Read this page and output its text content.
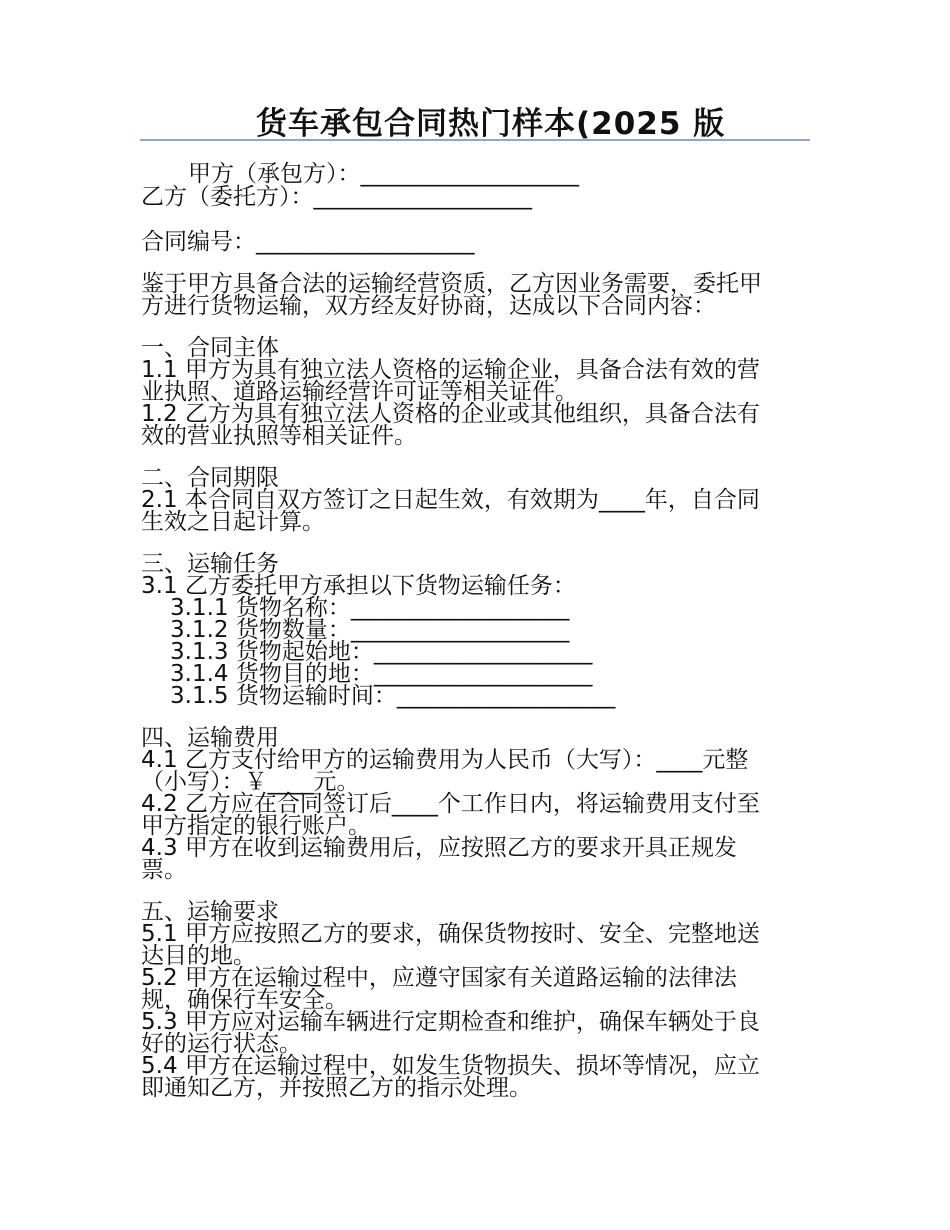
货车承包合同热门样本(2025 版
甲方（承包方）：___________________
乙方（委托方）：___________________
合同编号：___________________
鉴于甲方具备合法的运输经营资质，乙方因业务需要，委托甲
方进行货物运输，双方经友好协商，达成以下合同内容：
一、合同主体
1.1 甲方为具有独立法人资格的运输企业，具备合法有效的营
业执照、道路运输经营许可证等相关证件。
1.2 乙方为具有独立法人资格的企业或其他组织，具备合法有
效的营业执照等相关证件。
二、合同期限
2.1 本合同自双方签订之日起生效，有效期为____年，自合同
生效之日起计算。
三、运输任务
3.1 乙方委托甲方承担以下货物运输任务：
3.1.1 货物名称：___________________
3.1.2 货物数量：___________________
3.1.3 货物起始地：___________________
3.1.4 货物目的地：___________________
3.1.5 货物运输时间：___________________
四、运输费用
4.1 乙方支付给甲方的运输费用为人民币（大写）：____元整
（小写）：￥____元。
4.2 乙方应在合同签订后____个工作日内，将运输费用支付至
甲方指定的银行账户。
4.3 甲方在收到运输费用后，应按照乙方的要求开具正规发
票。
五、运输要求
5.1 甲方应按照乙方的要求，确保货物按时、安全、完整地送
达目的地。
5.2 甲方在运输过程中，应遵守国家有关道路运输的法律法
规，确保行车安全。
5.3 甲方应对运输车辆进行定期检查和维护，确保车辆处于良
好的运行状态。
5.4 甲方在运输过程中，如发生货物损失、损坏等情况，应立
即通知乙方，并按照乙方的指示处理。
